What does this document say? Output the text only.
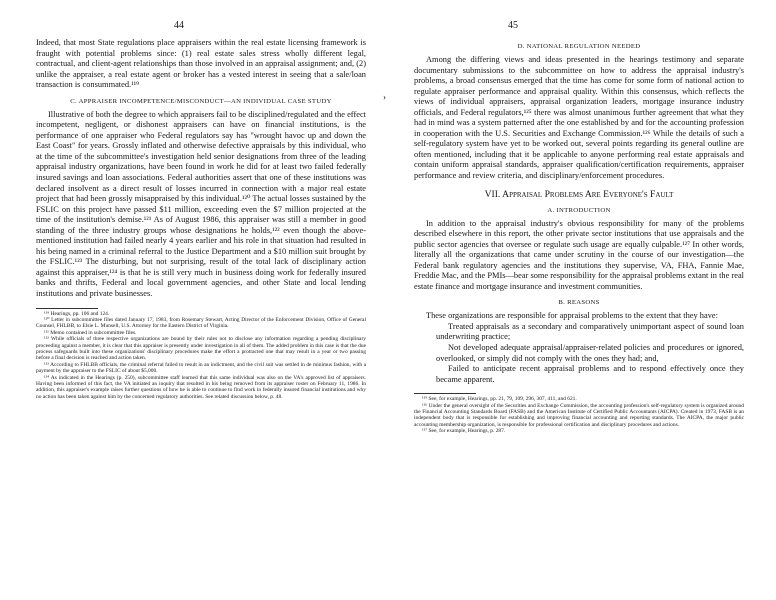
44

Indeed, that most State regulations place appraisers within the real estate licensing framework is fraught with potential problems since: (1) real estate sales stress wholly different legal, contractual, and client-agent relationships than those involved in an appraisal assignment; and, (2) unlike the appraiser, a real estate agent or broker has a vested interest in seeing that a sale/loan transaction is consummated.¹¹⁹

C. APPRAISER INCOMPETENCE/MISCONDUCT—AN INDIVIDUAL CASE STUDY

Illustrative of both the degree to which appraisers fail to be disciplined/regulated and the effect incompetent, negligent, or dishonest appraisers can have on financial institutions, is the performance of one appraiser who Federal regulators say has "wrought havoc up and down the East Coast" for years. Grossly inflated and otherwise defective appraisals by this individual, who at the time of the subcommittee's investigation held senior designations from three of the leading appraisal industry organizations, have been found in work he did for at least two failed federally insured savings and loan associations. Federal authorities assert that one of these institutions was declared insolvent as a direct result of losses incurred in connection with a major real estate project that had been grossly misappraised by this individual.¹²⁰ The actual losses sustained by the FSLIC on this project have passed $11 million, exceeding even the $7 million projected at the time of the institution's demise.¹²¹ As of August 1986, this appraiser was still a member in good standing of the three industry groups whose designations he holds,¹²² even though the above-mentioned institution had failed nearly 4 years earlier and his role in that situation had resulted in his being named in a criminal referral to the Justice Department and a $10 million suit brought by the FSLIC.¹²³ The disturbing, but not surprising, result of the total lack of disciplinary action against this appraiser,¹²⁴ is that he is still very much in business doing work for federally insured banks and thrifts, Federal and local government agencies, and other State and local lending institutions and private businesses.

¹¹⁹ Hearings, pp. 106 and 124.

¹²⁰ Letter in subcommittee files dated January 17, 1983, from Rosemary Stewart, Acting Director of the Enforcement Division, Office of General Counsel, FHLBB, to Elsie L. Munsell, U.S. Attorney for the Eastern District of Virginia.

¹²¹ Memo contained in subcommittee files.

¹²² While officials of three respective organizations are bound by their rules not to disclose any information regarding a pending disciplinary proceeding against a member, it is clear that this appraiser is presently under investigation in all of them. The added problem in this case is that the due process safeguards built into these organizations' disciplinary procedures make the effort a protracted one that may result in a year or two passing before a final decision is reached and action taken.

¹²³ According to FHLBB officials, the criminal referral failed to result in an indictment, and the civil suit was settled in de minimus fashion, with a payment by the appraiser to the FSLIC of about $5,000.

¹²⁴ As indicated in the Hearings (p. 250), subcommittee staff learned that this same individual was also on the VA's approved list of appraisers. Having been informed of this fact, the VA initiated an inquiry that resulted in his being removed from its appraiser roster on February 11, 1986. In addition, this appraiser's example raises further questions of how he is able to continue to find work in federally insured financial institutions and why no action has been taken against him by the concerned regulatory authorities. See related discussion below, p. 48.

›
45
D. NATIONAL REGULATION NEEDED

Among the differing views and ideas presented in the hearings testimony and separate documentary submissions to the subcommittee on how to address the appraisal industry's problems, a broad consensus emerged that the time has come for some form of national action to regulate appraiser performance and appraisal quality. Within this consensus, which reflects the views of individual appraisers, appraisal organization leaders, mortgage insurance industry officials, and Federal regulators,¹²⁵ there was almost unanimous further agreement that what they had in mind was a system patterned after the one established by and for the accounting profession in cooperation with the U.S. Securities and Exchange Commission.¹²⁶ While the details of such a self-regulatory system have yet to be worked out, several points regarding its general outline are often mentioned, including that it be applicable to anyone performing real estate appraisals and contain uniform appraisal standards, appraiser qualification/certification requirements, appraiser performance and review criteria, and disciplinary/enforcement procedures.

VII. Appraisal Problems Are Everyone's Fault
A. INTRODUCTION

In addition to the appraisal industry's obvious responsibility for many of the problems described elsewhere in this report, the other private sector institutions that use appraisals and the public sector agencies that oversee or regulate such usage are equally culpable.¹²⁷ In other words, literally all the organizations that came under scrutiny in the course of our investigation—the Federal bank regulatory agencies and the institutions they supervise, VA, FHA, Fannie Mae, Freddie Mac, and the PMIs—bear some responsibility for the appraisal problems extant in the real estate finance and mortgage insurance and investment communities.

B. REASONS

These organizations are responsible for appraisal problems to the extent that they have:

Treated appraisals as a secondary and comparatively unimportant aspect of sound loan underwriting practice;

Not developed adequate appraisal/appraiser-related policies and procedures or ignored, overlooked, or simply did not comply with the ones they had; and,

Failed to anticipate recent appraisal problems and to respond effectively once they became apparent.

¹²⁵ See, for example, Hearings, pp. 21, 79, 109, 296, 307, 411, and 621.

¹²⁶ Under the general oversight of the Securities and Exchange Commission, the accounting profession's self-regulatory system is organized around the Financial Accounting Standards Board (FASB) and the American Institute of Certified Public Accountants (AICPA). Created in 1973, FASB is an independent body that is responsible for establishing and improving financial accounting and reporting standards. The AICPA, the major public accounting membership organization, is responsible for professional certification and disciplinary procedures and actions.

¹²⁷ See, for example, Hearings, p. 287.
